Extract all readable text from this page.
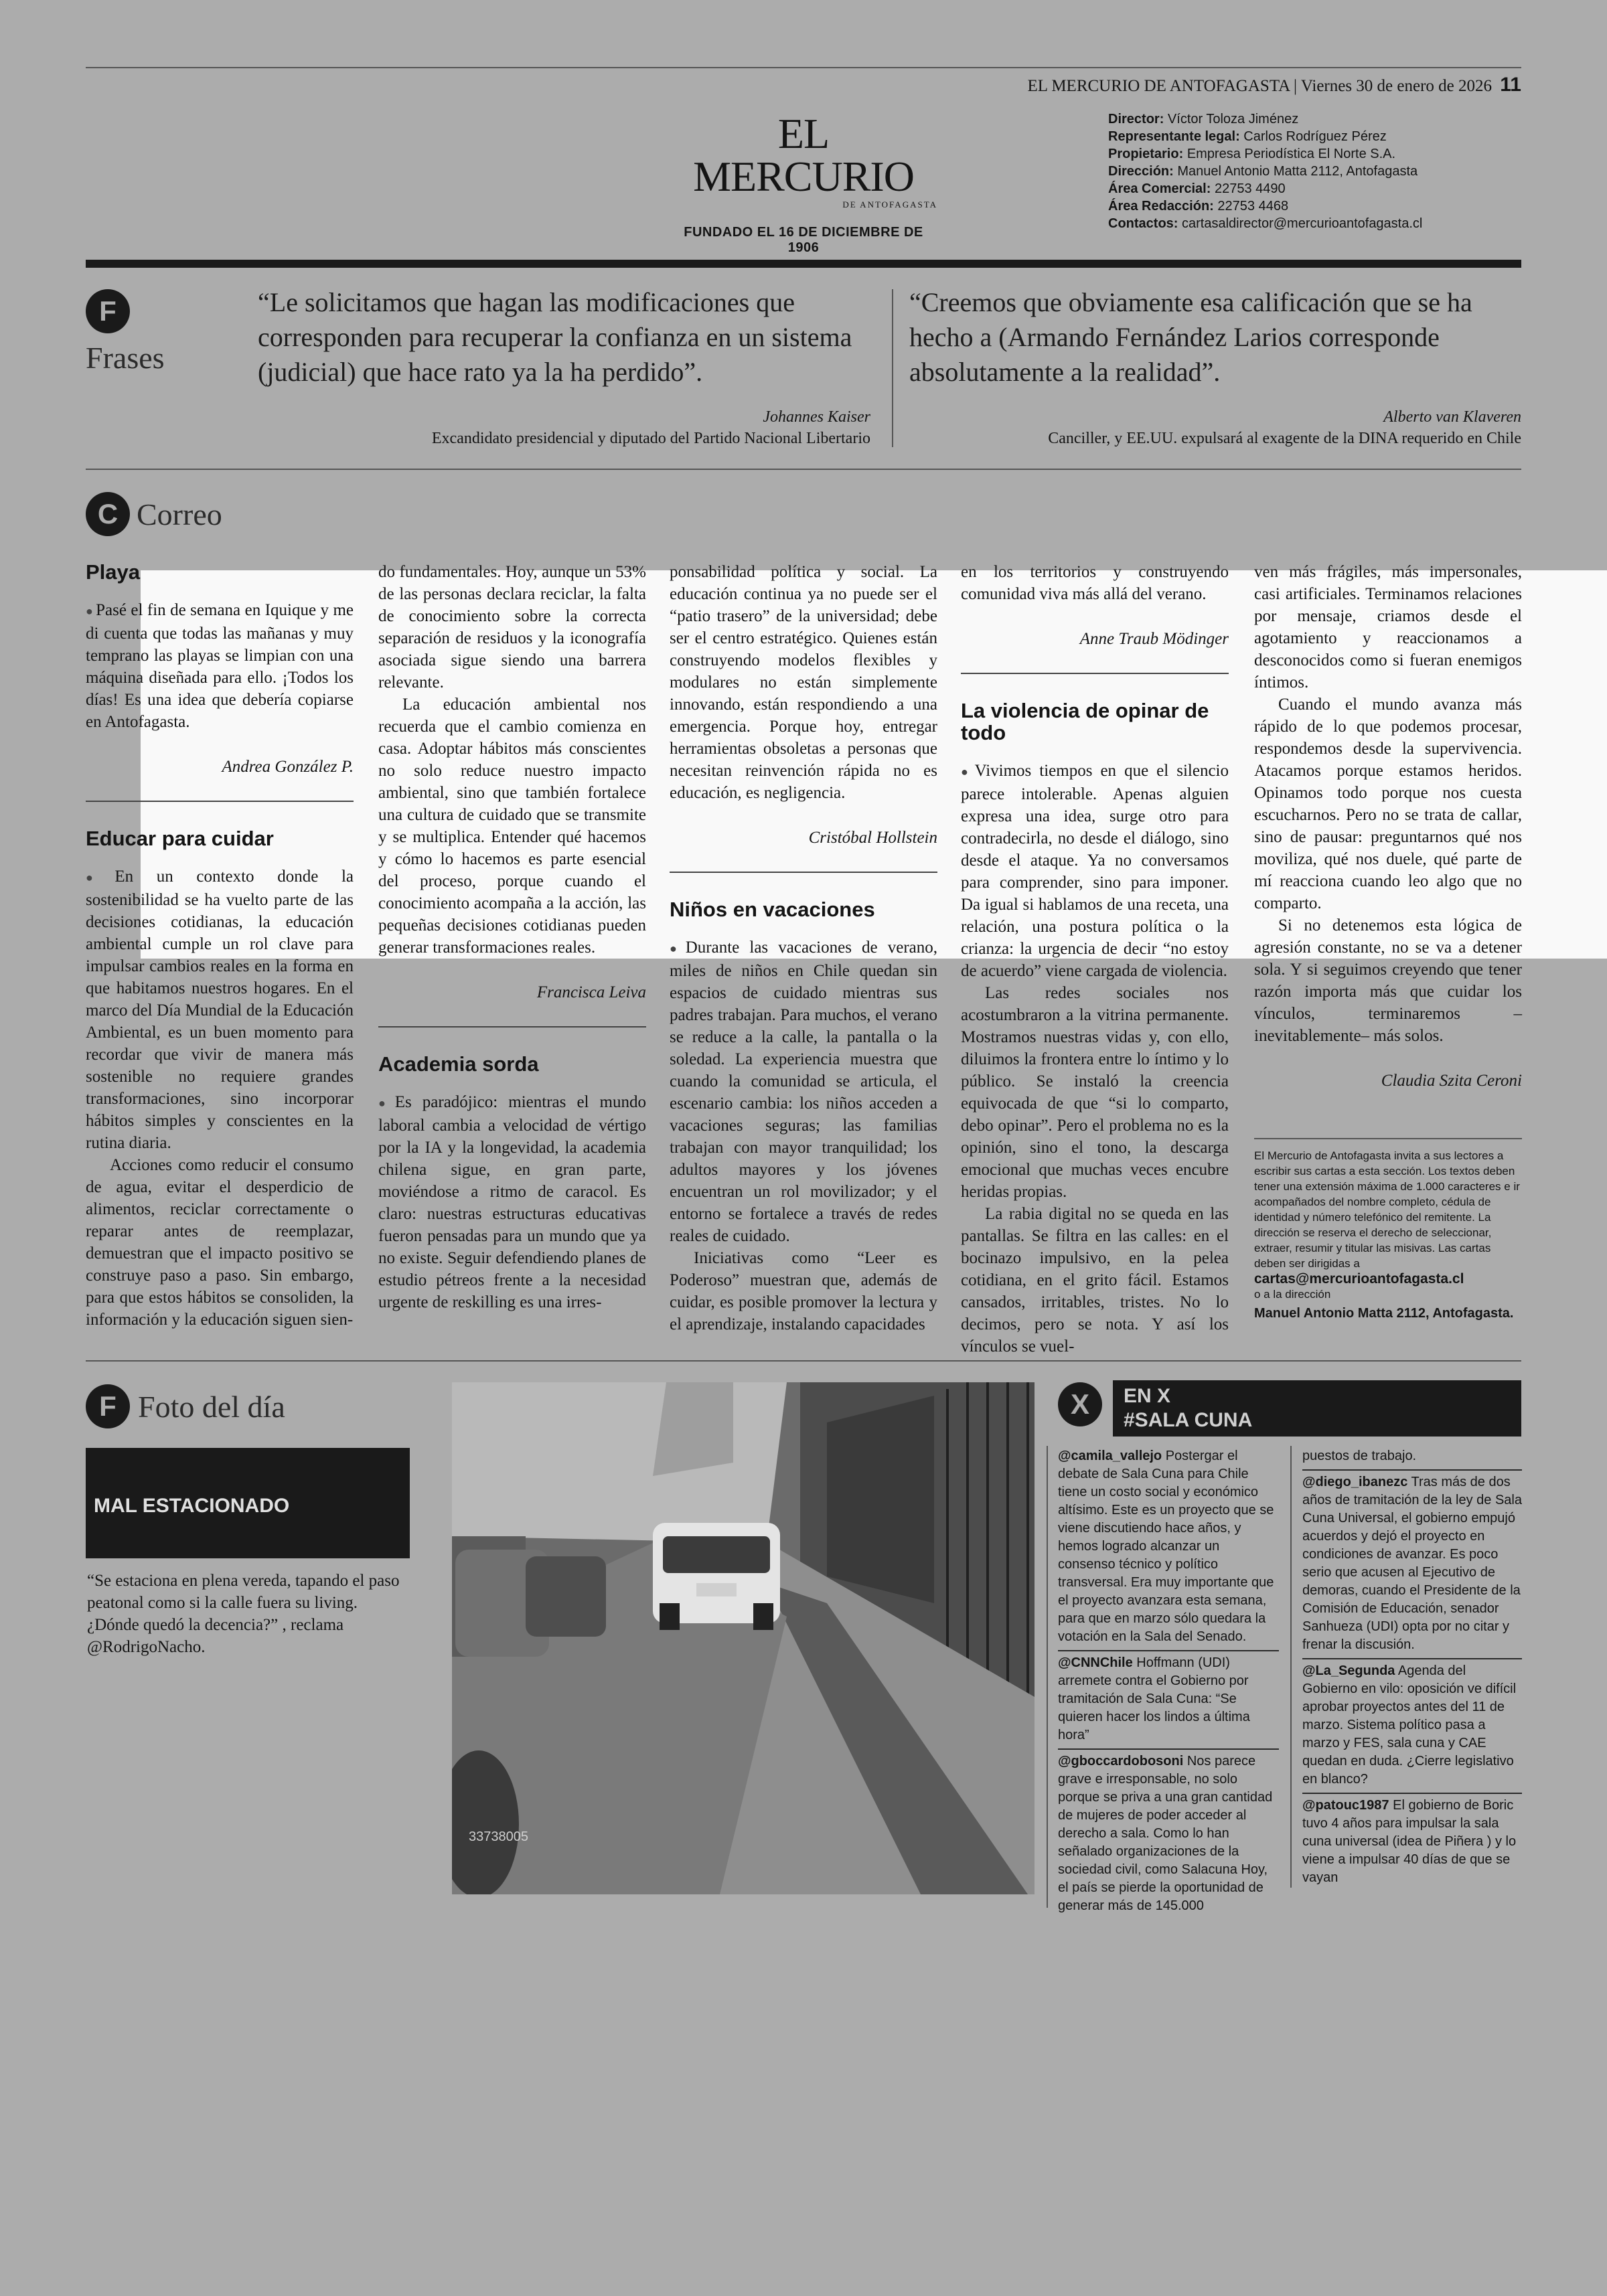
EL MERCURIO DE ANTOFAGASTA | Viernes 30 de enero de 2026 11
EL MERCURIO
DE ANTOFAGASTA
FUNDADO EL 16 DE DICIEMBRE DE 1906
Director: Víctor Toloza Jiménez
Representante legal: Carlos Rodríguez Pérez
Propietario: Empresa Periodística El Norte S.A.
Dirección: Manuel Antonio Matta 2112, Antofagasta
Área Comercial: 22753 4490
Área Redacción: 22753 4468
Contactos: cartasaldirector@mercurioantofagasta.cl
F
Frases
“Le solicitamos que hagan las modificaciones que corresponden para recuperar la confianza en un sistema (judicial) que hace rato ya la ha perdido”.
Johannes Kaiser
Excandidato presidencial y diputado del Partido Nacional Libertario
“Creemos que obviamente esa calificación que se ha hecho a (Armando Fernández Larios corresponde absolutamente a la realidad”.
Alberto van Klaveren
Canciller, y EE.UU. expulsará al exagente de la DINA requerido en Chile
C Correo
Playa

● Pasé el fin de semana en Iquique y me di cuenta que todas las mañanas y muy temprano las playas se limpian con una máquina diseñada para ello. ¡Todos los días! Es una idea que debería copiarse en Antofagasta.

Andrea González P.
Educar para cuidar

● En un contexto donde la sostenibilidad se ha vuelto parte de las decisiones cotidianas, la educación ambiental cumple un rol clave para impulsar cambios reales en la forma en que habitamos nuestros hogares. En el marco del Día Mundial de la Educación Ambiental, es un buen momento para recordar que vivir de manera más sostenible no requiere grandes transformaciones, sino incorporar hábitos simples y conscientes en la rutina diaria.

Acciones como reducir el consumo de agua, evitar el desperdicio de alimentos, reciclar correctamente o reparar antes de reemplazar, demuestran que el impacto positivo se construye paso a paso. Sin embargo, para que estos hábitos se consoliden, la información y la educación siguen sien-

do fundamentales. Hoy, aunque un 53% de las personas declara reciclar, la falta de conocimiento sobre la correcta separación de residuos y la iconografía asociada sigue siendo una barrera relevante.

La educación ambiental nos recuerda que el cambio comienza en casa. Adoptar hábitos más conscientes no solo reduce nuestro impacto ambiental, sino que también fortalece una cultura de cuidado que se transmite y se multiplica. Entender qué hacemos y cómo lo hacemos es parte esencial del proceso, porque cuando el conocimiento acompaña a la acción, las pequeñas decisiones cotidianas pueden generar transformaciones reales.

Francisca Leiva
Academia sorda

● Es paradójico: mientras el mundo laboral cambia a velocidad de vértigo por la IA y la longevidad, la academia chilena sigue, en gran parte, moviéndose a ritmo de caracol. Es claro: nuestras estructuras educativas fueron pensadas para un mundo que ya no existe. Seguir defendiendo planes de estudio pétreos frente a la necesidad urgente de reskilling es una irres-

ponsabilidad política y social. La educación continua ya no puede ser el “patio trasero” de la universidad; debe ser el centro estratégico. Quienes están construyendo modelos flexibles y modulares no están simplemente innovando, están respondiendo a una emergencia. Porque hoy, entregar herramientas obsoletas a personas que necesitan reinvención rápida no es educación, es negligencia.

Cristóbal Hollstein
Niños en vacaciones

● Durante las vacaciones de verano, miles de niños en Chile quedan sin espacios de cuidado mientras sus padres trabajan. Para muchos, el verano se reduce a la calle, la pantalla o la soledad. La experiencia muestra que cuando la comunidad se articula, el escenario cambia: los niños acceden a vacaciones seguras; las familias trabajan con mayor tranquilidad; los adultos mayores y los jóvenes encuentran un rol movilizador; y el entorno se fortalece a través de redes reales de cuidado.

Iniciativas como “Leer es Poderoso” muestran que, además de cuidar, es posible promover la lectura y el aprendizaje, instalando capacidades

en los territorios y construyendo comunidad viva más allá del verano.

Anne Traub Mödinger
La violencia de opinar de todo

● Vivimos tiempos en que el silencio parece intolerable. Apenas alguien expresa una idea, surge otro para contradecirla, no desde el diálogo, sino desde el ataque. Ya no conversamos para comprender, sino para imponer. Da igual si hablamos de una receta, una relación, una postura política o la crianza: la urgencia de decir “no estoy de acuerdo” viene cargada de violencia.

Las redes sociales nos acostumbraron a la vitrina permanente. Mostramos nuestras vidas y, con ello, diluimos la frontera entre lo íntimo y lo público. Se instaló la creencia equivocada de que “si lo comparto, debo opinar”. Pero el problema no es la opinión, sino el tono, la descarga emocional que muchas veces encubre heridas propias.

La rabia digital no se queda en las pantallas. Se filtra en las calles: en el bocinazo impulsivo, en la pelea cotidiana, en el grito fácil. Estamos cansados, irritables, tristes. No lo decimos, pero se nota. Y así los vínculos se vuel-

ven más frágiles, más impersonales, casi artificiales. Terminamos relaciones por mensaje, criamos desde el agotamiento y reaccionamos a desconocidos como si fueran enemigos íntimos.

Cuando el mundo avanza más rápido de lo que podemos procesar, respondemos desde la supervivencia. Atacamos porque estamos heridos. Opinamos todo porque nos cuesta escucharnos. Pero no se trata de callar, sino de pausar: preguntarnos qué nos moviliza, qué nos duele, qué parte de mí reacciona cuando leo algo que no comparto.

Si no detenemos esta lógica de agresión constante, no se va a detener sola. Y si seguimos creyendo que tener razón importa más que cuidar los vínculos, terminaremos –inevitablemente– más solos.

Claudia Szita Ceroni
El Mercurio de Antofagasta invita a sus lectores a escribir sus cartas a esta sección. Los textos deben tener una extensión máxima de 1.000 caracteres e ir acompañados del nombre completo, cédula de identidad y número telefónico del remitente. La dirección se reserva el derecho de seleccionar, extraer, resumir y titular las misivas. Las cartas deben ser dirigidas a
cartas@mercurioantofagasta.cl
o a la dirección
Manuel Antonio Matta 2112, Antofagasta.
F Foto del día
MAL ESTACIONADO
“Se estaciona en plena vereda, tapando el paso peatonal como si la calle fuera su living. ¿Dónde quedó la decencia?” , reclama @RodrigoNacho.
33738005
X	EN X
#SALA CUNA
@camila_vallejo Postergar el debate de Sala Cuna para Chile tiene un costo social y económico altísimo. Este es un proyecto que se viene discutiendo hace años, y hemos logrado alcanzar un consenso técnico y político transversal. Era muy importante que el proyecto avanzara esta semana, para que en marzo sólo quedara la votación en la Sala del Senado.
@CNNChile Hoffmann (UDI) arremete contra el Gobierno por tramitación de Sala Cuna: “Se quieren hacer los lindos a última hora”
@gboccardobosoni Nos parece grave e irresponsable, no solo porque se priva a una gran cantidad de mujeres de poder acceder al derecho a sala. Como lo han señalado organizaciones de la sociedad civil, como Salacuna Hoy, el país se pierde la oportunidad de generar más de 145.000
puestos de trabajo.
@diego_ibanezc Tras más de dos años de tramitación de la ley de Sala Cuna Universal, el gobierno empujó acuerdos y dejó el proyecto en condiciones de avanzar. Es poco serio que acusen al Ejecutivo de demoras, cuando el Presidente de la Comisión de Educación, senador Sanhueza (UDI) opta por no citar y frenar la discusión.
@La_Segunda Agenda del Gobierno en vilo: oposición ve difícil aprobar proyectos antes del 11 de marzo. Sistema político pasa a marzo y FES, sala cuna y CAE quedan en duda. ¿Cierre legislativo en blanco?
@patouc1987 El gobierno de Boric tuvo 4 años para impulsar la sala cuna universal (idea de Piñera ) y lo viene a impulsar 40 días de que se vayan
